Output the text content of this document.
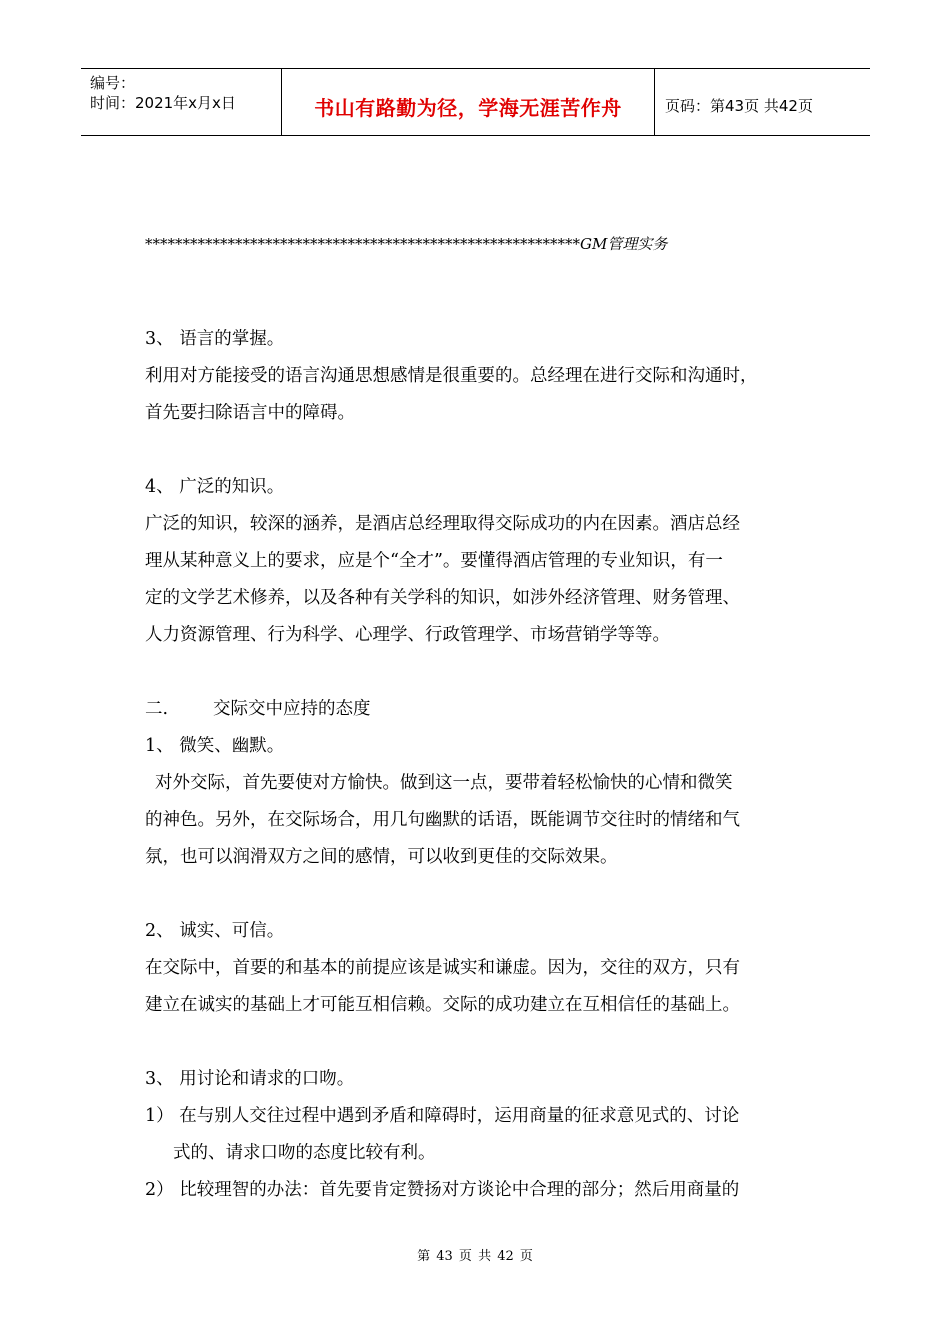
编号：
时间：2021年x月x日	书山有路勤为径，学海无涯苦作舟	页码：第43页 共42页
**********************************************************GM管理实务

3、 语言的掌握。

利用对方能接受的语言沟通思想感情是很重要的。总经理在进行交际和沟通时，

首先要扫除语言中的障碍。

4、 广泛的知识。

广泛的知识，较深的涵养，是酒店总经理取得交际成功的内在因素。酒店总经

理从某种意义上的要求，应是个“全才”。要懂得酒店管理的专业知识，有一

定的文学艺术修养，以及各种有关学科的知识，如涉外经济管理、财务管理、

人力资源管理、行为科学、心理学、行政管理学、市场营销学等等。

二.	交际交中应持的态度

1、 微笑、幽默。

对外交际，首先要使对方愉快。做到这一点，要带着轻松愉快的心情和微笑

的神色。另外，在交际场合，用几句幽默的话语，既能调节交往时的情绪和气

氛，也可以润滑双方之间的感情，可以收到更佳的交际效果。

2、 诚实、可信。

在交际中，首要的和基本的前提应该是诚实和谦虚。因为，交往的双方，只有

建立在诚实的基础上才可能互相信赖。交际的成功建立在互相信任的基础上。

3、 用讨论和请求的口吻。

1） 在与别人交往过程中遇到矛盾和障碍时，运用商量的征求意见式的、讨论

式的、请求口吻的态度比较有利。

2） 比较理智的办法：首先要肯定赞扬对方谈论中合理的部分；然后用商量的

第 43 页 共 42 页
